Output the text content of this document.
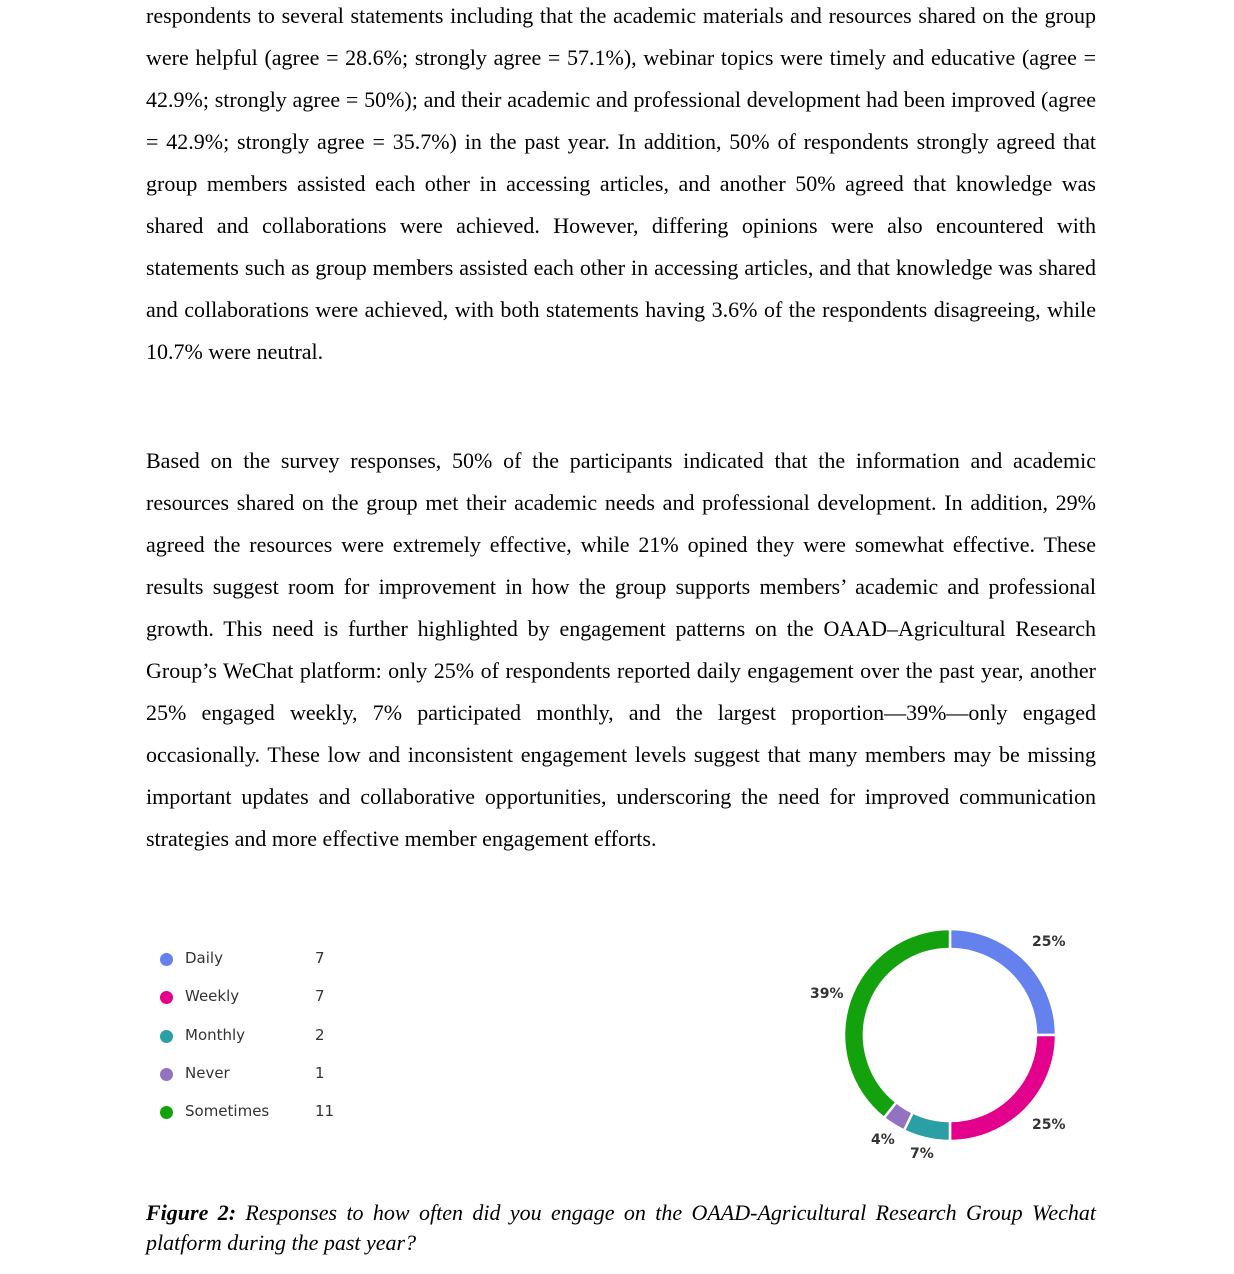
respondents to several statements including that the academic materials and resources shared on the group were helpful (agree = 28.6%; strongly agree = 57.1%), webinar topics were timely and educative (agree = 42.9%; strongly agree = 50%); and their academic and professional development had been improved (agree = 42.9%; strongly agree = 35.7%) in the past year. In addition, 50% of respondents strongly agreed that group members assisted each other in accessing articles, and another 50% agreed that knowledge was shared and collaborations were achieved. However, differing opinions were also encountered with statements such as group members assisted each other in accessing articles, and that knowledge was shared and collaborations were achieved, with both statements having 3.6% of the respondents disagreeing, while 10.7% were neutral.

Based on the survey responses, 50% of the participants indicated that the information and academic resources shared on the group met their academic needs and professional development. In addition, 29% agreed the resources were extremely effective, while 21% opined they were somewhat effective. These results suggest room for improvement in how the group supports members’ academic and professional growth. This need is further highlighted by engagement patterns on the OAAD–Agricultural Research Group’s WeChat platform: only 25% of respondents reported daily engagement over the past year, another 25% engaged weekly, 7% participated monthly, and the largest proportion—39%—only engaged occasionally. These low and inconsistent engagement levels suggest that many members may be missing important updates and collaborative opportunities, underscoring the need for improved communication strategies and more effective member engagement efforts.

Daily	7
Weekly	7
Monthly	2
Never	1
Sometimes	11
25%
25%
7%
4%
39%
Figure 2: Responses to how often did you engage on the OAAD-Agricultural Research Group Wechat platform during the past year?
